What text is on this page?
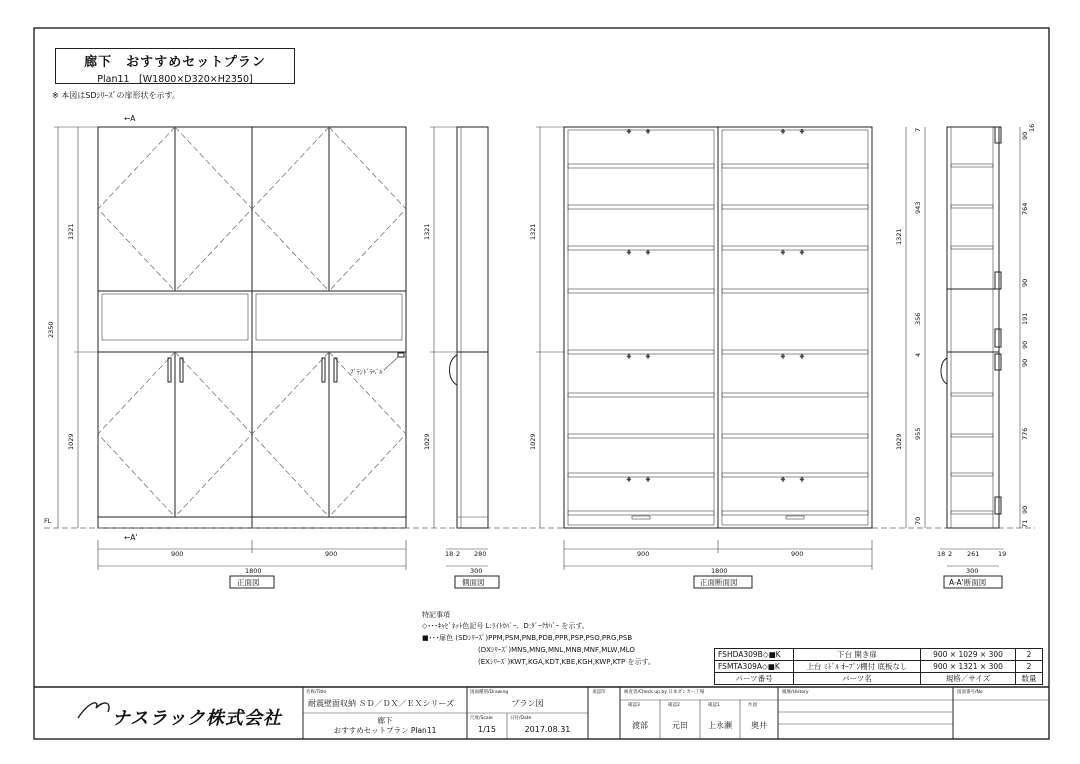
廊下　おすすめセットプラン
Plan11　[W1800×D320×H2350]
※ 本図はSDｼﾘｰｽﾞの扉形状を示す。
ﾌﾞﾗﾝﾄﾞﾗﾍﾞﾙ
←A
←A'
1321
1029
2350
900	900
1800
FL
正面図
1321
1029
18 2 280
300
側面図
⚘ ⚘	⚘ ⚘
⚘ ⚘	⚘ ⚘
⚘ ⚘	⚘ ⚘
⚘ ⚘	⚘ ⚘
1321
1029
900	900
1800
正面断面図
7
943
1321
356
4
1029 955
70
16
90
764
90
191
90
90
776
90
71
18 2 261	19
300
A-A'断面図
特記事項
◇･･･ｷｬﾋﾞﾈｯﾄ色記号 L:ﾗｲﾄｶﾊﾞｰ、D:ﾀﾞｰｸｶﾊﾞｰ を示す。
■･･･扉色 (SDｼﾘｰｽﾞ)PPM,PSM,PNB,PDB,PPR,PSP,PSO,PRG,PSB
(DXｼﾘｰｽﾞ)MNS,MNG,MNL,MNB,MNF,MLW,MLO
(EXｼﾘｰｽﾞ)KWT,KGA,KDT,KBE,KGH,KWP,KTP を示す。
FSHDA309B◇■K	下台 開き扉	900 × 1029 × 300	2
FSMTA309A◇■K	上台 ﾐﾄﾞﾙ ｵｰﾌﾟﾝ棚付 底板なし	900 × 1321 × 300	2
パーツ番号	パーツ名	規格／サイズ	数量
ナスラック株式会社
名称/Title
耐震壁面収納 ＳＤ／ＤＸ／ＥＸシリーズ
廊下
おすすめセットプラン Plan11
図面種別/Drawing
プラン図
尺度/Scale
1/15
日付/Date
2017.08.31
承認印	検査者/Check up by 日本ダンカー工場
確認3	確認2	確認1	作図
渡部	元田	上永瀬	奥井
履歴/History	図面番号/No
